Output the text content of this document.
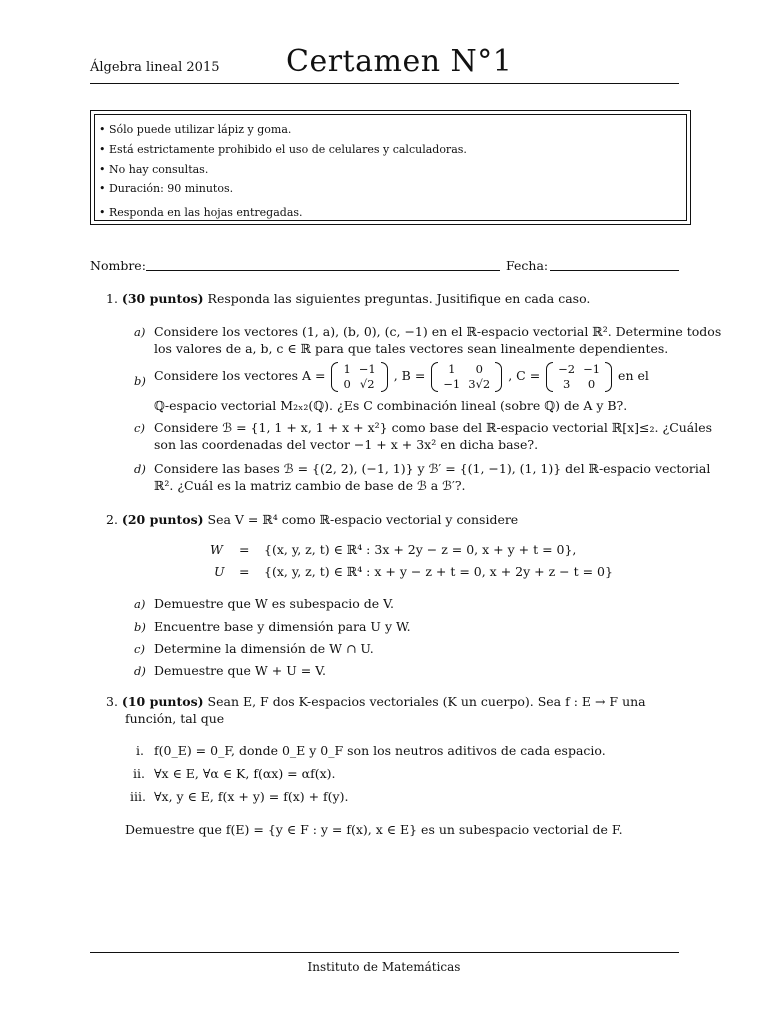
Álgebra lineal 2015 Certamen N°1
• Sólo puede utilizar lápiz y goma.
• Está estrictamente prohibido el uso de celulares y calculadoras.
• No hay consultas.
• Duración: 90 minutos.
• Responda en las hojas entregadas.
Nombre:	Fecha:
1. (30 puntos) Responda las siguientes preguntas. Jusitifique en cada caso.
a) Considere los vectores (1, a), (b, 0), (c, −1) en el ℝ-espacio vectorial ℝ². Determine todos
los valores de a, b, c ∈ ℝ para que tales vectores sean linealmente dependientes.
b) Considere los vectores A = 1	−1
0	√2
, B = 1	0
−1	3√2
, C = −2	−1
3	0
en el
ℚ-espacio vectorial M₂ₓ₂(ℚ). ¿Es C combinación lineal (sobre ℚ) de A y B?.
c) Considere ℬ = {1, 1 + x, 1 + x + x²} como base del ℝ-espacio vectorial ℝ[x]≤₂. ¿Cuáles
son las coordenadas del vector −1 + x + 3x² en dicha base?.
d) Considere las bases ℬ = {(2, 2), (−1, 1)} y ℬ′ = {(1, −1), (1, 1)} del ℝ-espacio vectorial
ℝ². ¿Cuál es la matriz cambio de base de ℬ a ℬ′?.
2. (20 puntos) Sea V = ℝ⁴ como ℝ-espacio vectorial y considere
W = {(x, y, z, t) ∈ ℝ⁴ : 3x + 2y − z = 0, x + y + t = 0},
U = {(x, y, z, t) ∈ ℝ⁴ : x + y − z + t = 0, x + 2y + z − t = 0}
a) Demuestre que W es subespacio de V.
b) Encuentre base y dimensión para U y W.
c) Determine la dimensión de W ∩ U.
d) Demuestre que W + U = V.
3. (10 puntos) Sean E, F dos K-espacios vectoriales (K un cuerpo). Sea f : E → F una
función, tal que
i. f(0_E) = 0_F, donde 0_E y 0_F son los neutros aditivos de cada espacio.
ii. ∀x ∈ E, ∀α ∈ K, f(αx) = αf(x).
iii. ∀x, y ∈ E, f(x + y) = f(x) + f(y).
Demuestre que f(E) = {y ∈ F : y = f(x), x ∈ E} es un subespacio vectorial de F.
Instituto de Matemáticas
